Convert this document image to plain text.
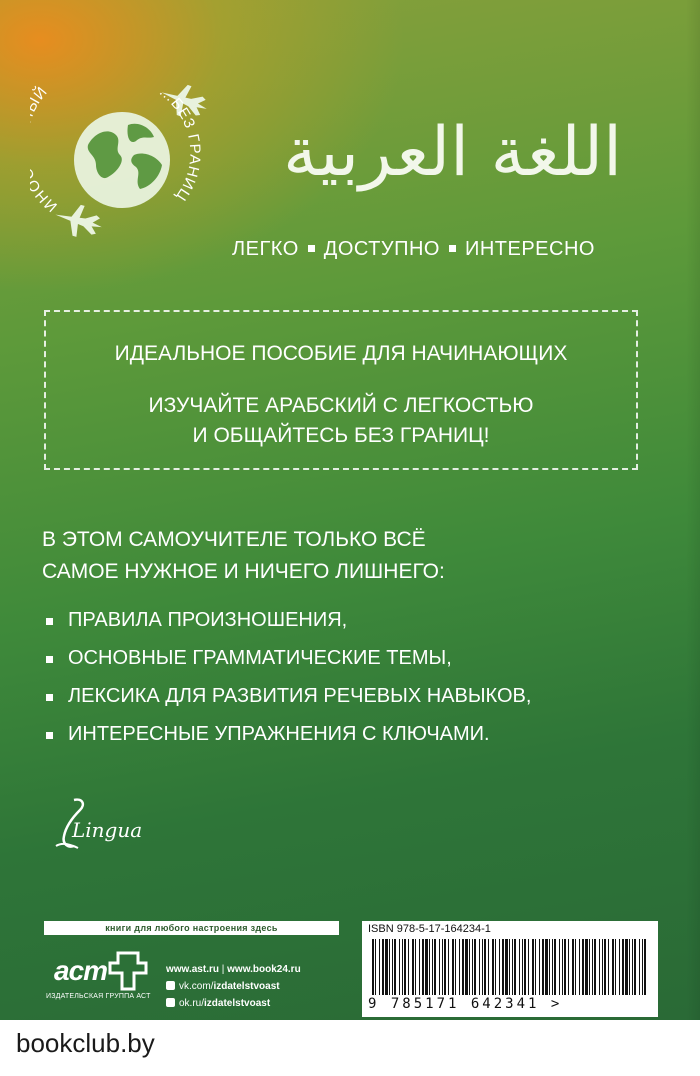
ИН Й	…БЕЗ ГРАНИЦ
اللغة العربية
ЛЕГКО ДОСТУПНО ИНТЕРЕСНО
ИДЕАЛЬНОЕ ПОСОБИЕ ДЛЯ НАЧИНАЮЩИХ
ИЗУЧАЙТЕ АРАБСКИЙ С ЛЕГКОСТЬЮ
И ОБЩАЙТЕСЬ БЕЗ ГРАНИЦ!
В ЭТОМ САМОУЧИТЕЛЕ ТОЛЬКО ВСЁ
САМОЕ НУЖНОЕ И НИЧЕГО ЛИШНЕГО:
ПРАВИЛА ПРОИЗНОШЕНИЯ,
ОСНОВНЫЕ ГРАММАТИЧЕСКИЕ ТЕМЫ,
ЛЕКСИКА ДЛЯ РАЗВИТИЯ РЕЧЕВЫХ НАВЫКОВ,
ИНТЕРЕСНЫЕ УПРАЖНЕНИЯ С КЛЮЧАМИ.
Lingua
книги для любого настроения здесь
аст
ИЗДАТЕЛЬСКАЯ ГРУППА АСТ
www.ast.ru | www.book24.ru
vk.com/izdatelstvoast
ok.ru/izdatelstvoast
ISBN 978-5-17-164234-1
9 785171 642341 >
bookclub.by
